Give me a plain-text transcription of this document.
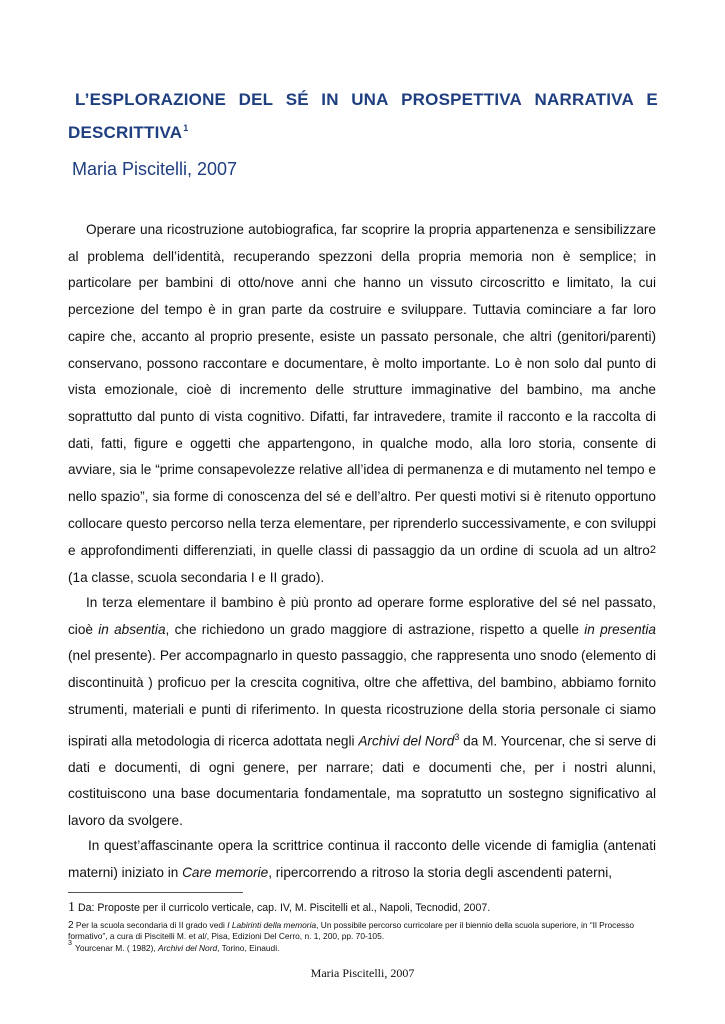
L’ESPLORAZIONE DEL SÉ IN UNA PROSPETTIVA NARRATIVA E
DESCRITTIVA$^1$
Maria Piscitelli, 2007

Operare una ricostruzione autobiografica, far scoprire la propria appartenenza e sensibilizzare al problema dell’identità, recuperando spezzoni della propria memoria non è semplice; in particolare per bambini di otto/nove anni che hanno un vissuto circoscritto e limitato, la cui percezione del tempo è in gran parte da costruire e sviluppare. Tuttavia cominciare a far loro capire che, accanto al proprio presente, esiste un passato personale, che altri (genitori/parenti) conservano, possono raccontare e documentare, è molto importante. Lo è non solo dal punto di vista emozionale, cioè di incremento delle strutture immaginative del bambino, ma anche soprattutto dal punto di vista cognitivo. Difatti, far intravedere, tramite il racconto e la raccolta di dati, fatti, figure e oggetti che appartengono, in qualche modo, alla loro storia, consente di avviare, sia le “prime consapevolezze relative all’idea di permanenza e di mutamento nel tempo e nello spazio”, sia forme di conoscenza del sé e dell’altro. Per questi motivi si è ritenuto opportuno collocare questo percorso nella terza elementare, per riprenderlo successivamente, e con sviluppi e approfondimenti differenziati, in quelle classi di passaggio da un ordine di scuola ad un altro2 (1a classe, scuola secondaria I e II grado).

In terza elementare il bambino è più pronto ad operare forme esplorative del sé nel passato, cioè in absentia, che richiedono un grado maggiore di astrazione, rispetto a quelle in presentia (nel presente). Per accompagnarlo in questo passaggio, che rappresenta uno snodo (elemento di discontinuità ) proficuo per la crescita cognitiva, oltre che affettiva, del bambino, abbiamo fornito strumenti, materiali e punti di riferimento. In questa ricostruzione della storia personale ci siamo ispirati alla metodologia di ricerca adottata negli Archivi del Nord$^3$ da M. Yourcenar, che si serve di dati e documenti, di ogni genere, per narrare; dati e documenti che, per i nostri alunni, costituiscono una base documentaria fondamentale, ma sopratutto un sostegno significativo al lavoro da svolgere.

In quest’affascinante opera la scrittrice continua il racconto delle vicende di famiglia (antenati materni) iniziato in Care memorie, ripercorrendo a ritroso la storia degli ascendenti paterni,

1 Da: Proposte per il curricolo verticale, cap. IV, M. Piscitelli et al., Napoli, Tecnodid, 2007.
2 Per la scuola secondaria di II grado vedi I Labirinti della memoria, Un possibile percorso curricolare per il biennio della scuola superiore, in “Il Processo formativo”, a cura di Piscitelli M. et al/, Pisa, Edizioni Del Cerro, n. 1, 200, pp. 70-105.
3 Yourcenar M. ( 1982), Archivi del Nord, Torino, Einaudi.
Maria Piscitelli, 2007
